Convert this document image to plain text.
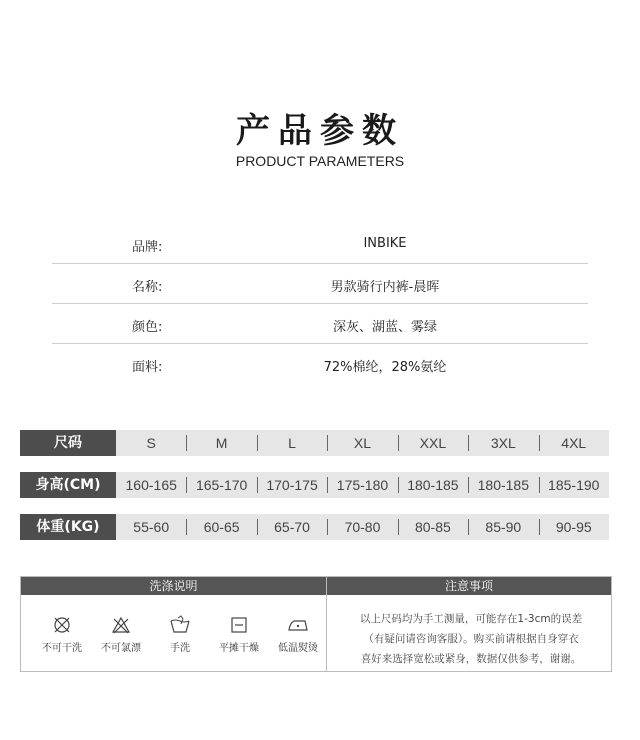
产品参数
PRODUCT PARAMETERS
品牌:	INBIKE
名称:	男款骑行内裤-晨晖
颜色:	深灰、湖蓝、雾绿
面料:	72%棉纶，28%氨纶
尺码	S	M	L	XL	XXL	3XL	4XL
身高(CM)	160-165	165-170	170-175	175-180	180-185	180-185	185-190
体重(KG)	55-60	60-65	65-70	70-80	80-85	85-90	90-95
洗涤说明	注意事项
不可干洗	不可氯漂	手洗	平摊干燥	低温熨烫
以上尺码均为手工测量，可能存在1-3cm的误差
（有疑问请咨询客服）。购买前请根据自身穿衣
喜好来选择宽松或紧身，数据仅供参考，谢谢。
